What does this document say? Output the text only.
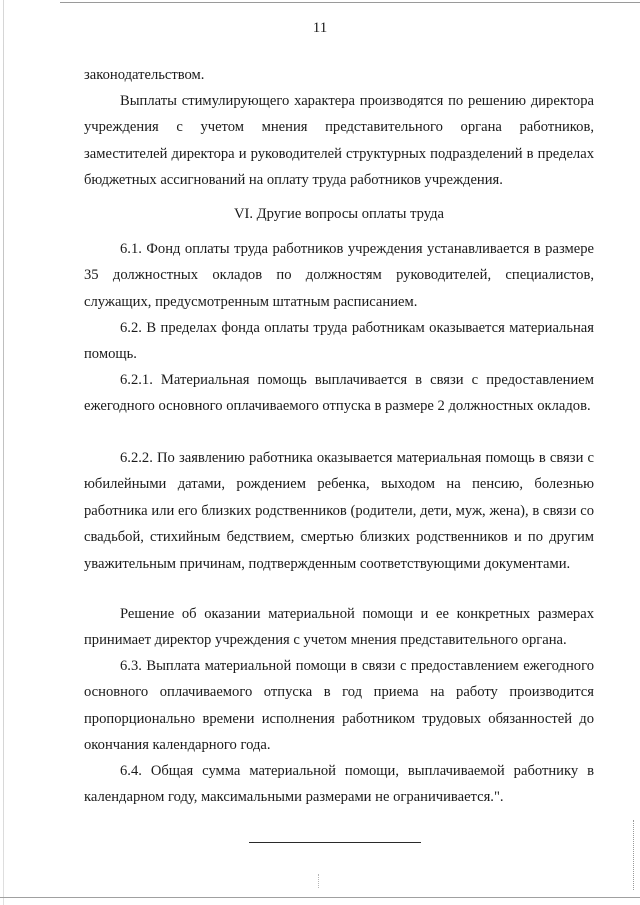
11

законодательством.

Выплаты стимулирующего характера производятся по решению директора учреждения с учетом мнения представительного органа работников, заместителей директора и руководителей структурных подразделений в пределах бюджетных ассигнований на оплату труда работников учреждения.

VI. Другие вопросы оплаты труда

6.1. Фонд оплаты труда работников учреждения устанавливается в размере 35 должностных окладов по должностям руководителей, специалистов, служащих, предусмотренным штатным расписанием.

6.2. В пределах фонда оплаты труда работникам оказывается материальная помощь.

6.2.1. Материальная помощь выплачивается в связи с предоставлением ежегодного основного оплачиваемого отпуска в размере 2 должностных окладов.

6.2.2. По заявлению работника оказывается материальная помощь в связи с юбилейными датами, рождением ребенка, выходом на пенсию, болезнью работника или его близких родственников (родители, дети, муж, жена), в связи со свадьбой, стихийным бедствием, смертью близких родственников и по другим уважительным причинам, подтвержденным соответствующими документами.

Решение об оказании материальной помощи и ее конкретных размерах принимает директор учреждения с учетом мнения представительного органа.

6.3. Выплата материальной помощи в связи с предоставлением ежегодного основного оплачиваемого отпуска в год приема на работу производится пропорционально времени исполнения работником трудовых обязанностей до окончания календарного года.

6.4. Общая сумма материальной помощи, выплачиваемой работнику в календарном году, максимальными размерами не ограничивается.".
